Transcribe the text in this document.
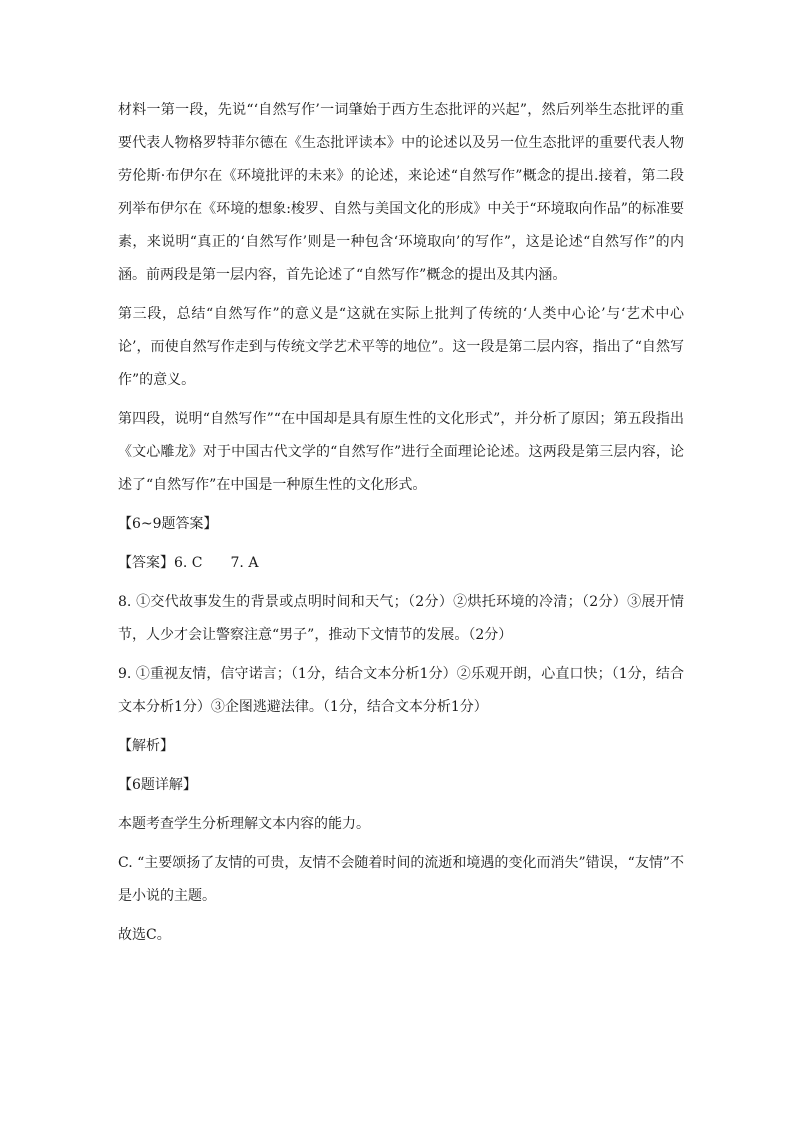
材料一第一段，先说“‘自然写作’一词肇始于西方生态批评的兴起”，然后列举生态批评的重要代表人物格罗特菲尔德在《生态批评读本》中的论述以及另一位生态批评的重要代表人物劳伦斯·布伊尔在《环境批评的未来》的论述，来论述“自然写作”概念的提出.接着，第二段列举布伊尔在《环境的想象:梭罗、自然与美国文化的形成》中关于“环境取向作品”的标准要素，来说明“真正的‘自然写作’则是一种包含‘环境取向’的写作”，这是论述“自然写作”的内涵。前两段是第一层内容，首先论述了“自然写作”概念的提出及其内涵。

第三段，总结“自然写作”的意义是“这就在实际上批判了传统的‘人类中心论’与‘艺术中心论’，而使自然写作走到与传统文学艺术平等的地位”。这一段是第二层内容，指出了“自然写作”的意义。

第四段，说明“自然写作”“在中国却是具有原生性的文化形式”，并分析了原因；第五段指出《文心雕龙》对于中国古代文学的“自然写作”进行全面理论论述。这两段是第三层内容，论述了“自然写作”在中国是一种原生性的文化形式。

【6~9题答案】

【答案】6. C　　7. A

8. ①交代故事发生的背景或点明时间和天气；（2分）②烘托环境的冷清；（2分）③展开情节，人少才会让警察注意“男子”，推动下文情节的发展。（2分）

9. ①重视友情，信守诺言；（1分，结合文本分析1分）②乐观开朗，心直口快；（1分，结合文本分析1分）③企图逃避法律。（1分，结合文本分析1分）

【解析】

【6题详解】

本题考查学生分析理解文本内容的能力。

C. “主要颂扬了友情的可贵，友情不会随着时间的流逝和境遇的变化而消失”错误，“友情”不是小说的主题。

故选C。
